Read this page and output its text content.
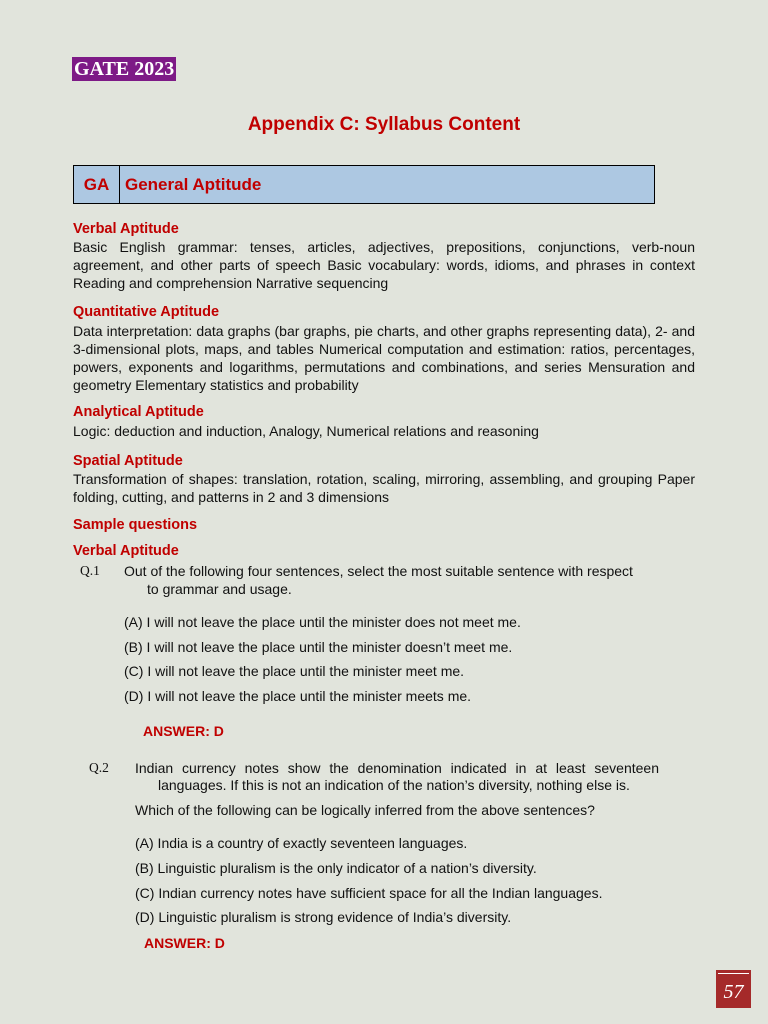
GATE 2023
Appendix C: Syllabus Content
GA General Aptitude
Verbal Aptitude
Basic English grammar: tenses, articles, adjectives, prepositions, conjunctions, verb-noun
agreement, and other parts of speech Basic vocabulary: words, idioms, and phrases in context
Reading and comprehension Narrative sequencing
Quantitative Aptitude
Data interpretation: data graphs (bar graphs, pie charts, and other graphs representing data), 2- and
3-dimensional plots, maps, and tables Numerical computation and estimation: ratios, percentages,
powers, exponents and logarithms, permutations and combinations, and series Mensuration and
geometry Elementary statistics and probability
Analytical Aptitude
Logic: deduction and induction, Analogy, Numerical relations and reasoning
Spatial Aptitude
Transformation of shapes: translation, rotation, scaling, mirroring, assembling, and grouping Paper
folding, cutting, and patterns in 2 and 3 dimensions
Sample questions
Verbal Aptitude
Q.1 Out of the following four sentences, select the most suitable sentence with respect
to grammar and usage.
(A) I will not leave the place until the minister does not meet me.
(B) I will not leave the place until the minister doesn’t meet me.
(C) I will not leave the place until the minister meet me.
(D) I will not leave the place until the minister meets me.
ANSWER: D
Q.2 Indian currency notes show the denomination indicated in at least seventeen
languages. If this is not an indication of the nation’s diversity, nothing else is.
Which of the following can be logically inferred from the above sentences?
(A) India is a country of exactly seventeen languages.
(B) Linguistic pluralism is the only indicator of a nation’s diversity.
(C) Indian currency notes have sufficient space for all the Indian languages.
(D) Linguistic pluralism is strong evidence of India’s diversity.
ANSWER: D
57
